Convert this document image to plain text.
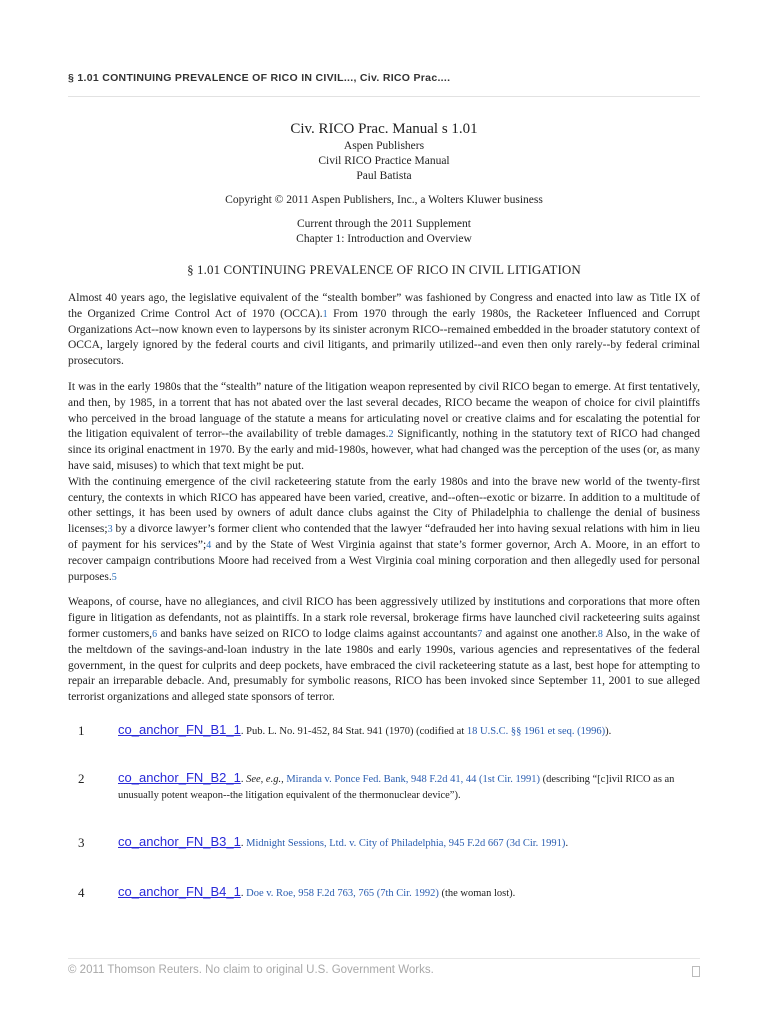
§ 1.01 CONTINUING PREVALENCE OF RICO IN CIVIL..., Civ. RICO Prac....
Civ. RICO Prac. Manual s 1.01
Aspen Publishers
Civil RICO Practice Manual
Paul Batista
Copyright © 2011 Aspen Publishers, Inc., a Wolters Kluwer business
Current through the 2011 Supplement
Chapter 1: Introduction and Overview
§ 1.01 CONTINUING PREVALENCE OF RICO IN CIVIL LITIGATION

Almost 40 years ago, the legislative equivalent of the “stealth bomber” was fashioned by Congress and enacted into law as Title IX of the Organized Crime Control Act of 1970 (OCCA).1 From 1970 through the early 1980s, the Racketeer Influenced and Corrupt Organizations Act--now known even to laypersons by its sinister acronym RICO--remained embedded in the broader statutory context of OCCA, largely ignored by the federal courts and civil litigants, and primarily utilized--and even then only rarely--by federal criminal prosecutors.

It was in the early 1980s that the “stealth” nature of the litigation weapon represented by civil RICO began to emerge. At first tentatively, and then, by 1985, in a torrent that has not abated over the last several decades, RICO became the weapon of choice for civil plaintiffs who perceived in the broad language of the statute a means for articulating novel or creative claims and for escalating the potential for the litigation equivalent of terror--the availability of treble damages.2 Significantly, nothing in the statutory text of RICO had changed since its original enactment in 1970. By the early and mid-1980s, however, what had changed was the perception of the uses (or, as many have said, misuses) to which that text might be put.

With the continuing emergence of the civil racketeering statute from the early 1980s and into the brave new world of the twenty-first century, the contexts in which RICO has appeared have been varied, creative, and--often--exotic or bizarre. In addition to a multitude of other settings, it has been used by owners of adult dance clubs against the City of Philadelphia to challenge the denial of business licenses;3 by a divorce lawyer’s former client who contended that the lawyer “defrauded her into having sexual relations with him in lieu of payment for his services”;4 and by the State of West Virginia against that state’s former governor, Arch A. Moore, in an effort to recover campaign contributions Moore had received from a West Virginia coal mining corporation and then allegedly used for personal purposes.5

Weapons, of course, have no allegiances, and civil RICO has been aggressively utilized by institutions and corporations that more often figure in litigation as defendants, not as plaintiffs. In a stark role reversal, brokerage firms have launched civil racketeering suits against former customers,6 and banks have seized on RICO to lodge claims against accountants7 and against one another.8 Also, in the wake of the meltdown of the savings-and-loan industry in the late 1980s and early 1990s, various agencies and representatives of the federal government, in the quest for culprits and deep pockets, have embraced the civil racketeering statute as a last, best hope for attempting to repair an irreparable debacle. And, presumably for symbolic reasons, RICO has been invoked since September 11, 2001 to sue alleged terrorist organizations and alleged state sponsors of terror.

1	co_anchor_FN_B1_1. Pub. L. No. 91-452, 84 Stat. 941 (1970) (codified at 18 U.S.C. §§ 1961 et seq. (1996)).
2	co_anchor_FN_B2_1. See, e.g., Miranda v. Ponce Fed. Bank, 948 F.2d 41, 44 (1st Cir. 1991) (describing “[c]ivil RICO as an unusually potent weapon--the litigation equivalent of the thermonuclear device”).
3	co_anchor_FN_B3_1. Midnight Sessions, Ltd. v. City of Philadelphia, 945 F.2d 667 (3d Cir. 1991).
4	co_anchor_FN_B4_1. Doe v. Roe, 958 F.2d 763, 765 (7th Cir. 1992) (the woman lost).
© 2011 Thomson Reuters. No claim to original U.S. Government Works.
